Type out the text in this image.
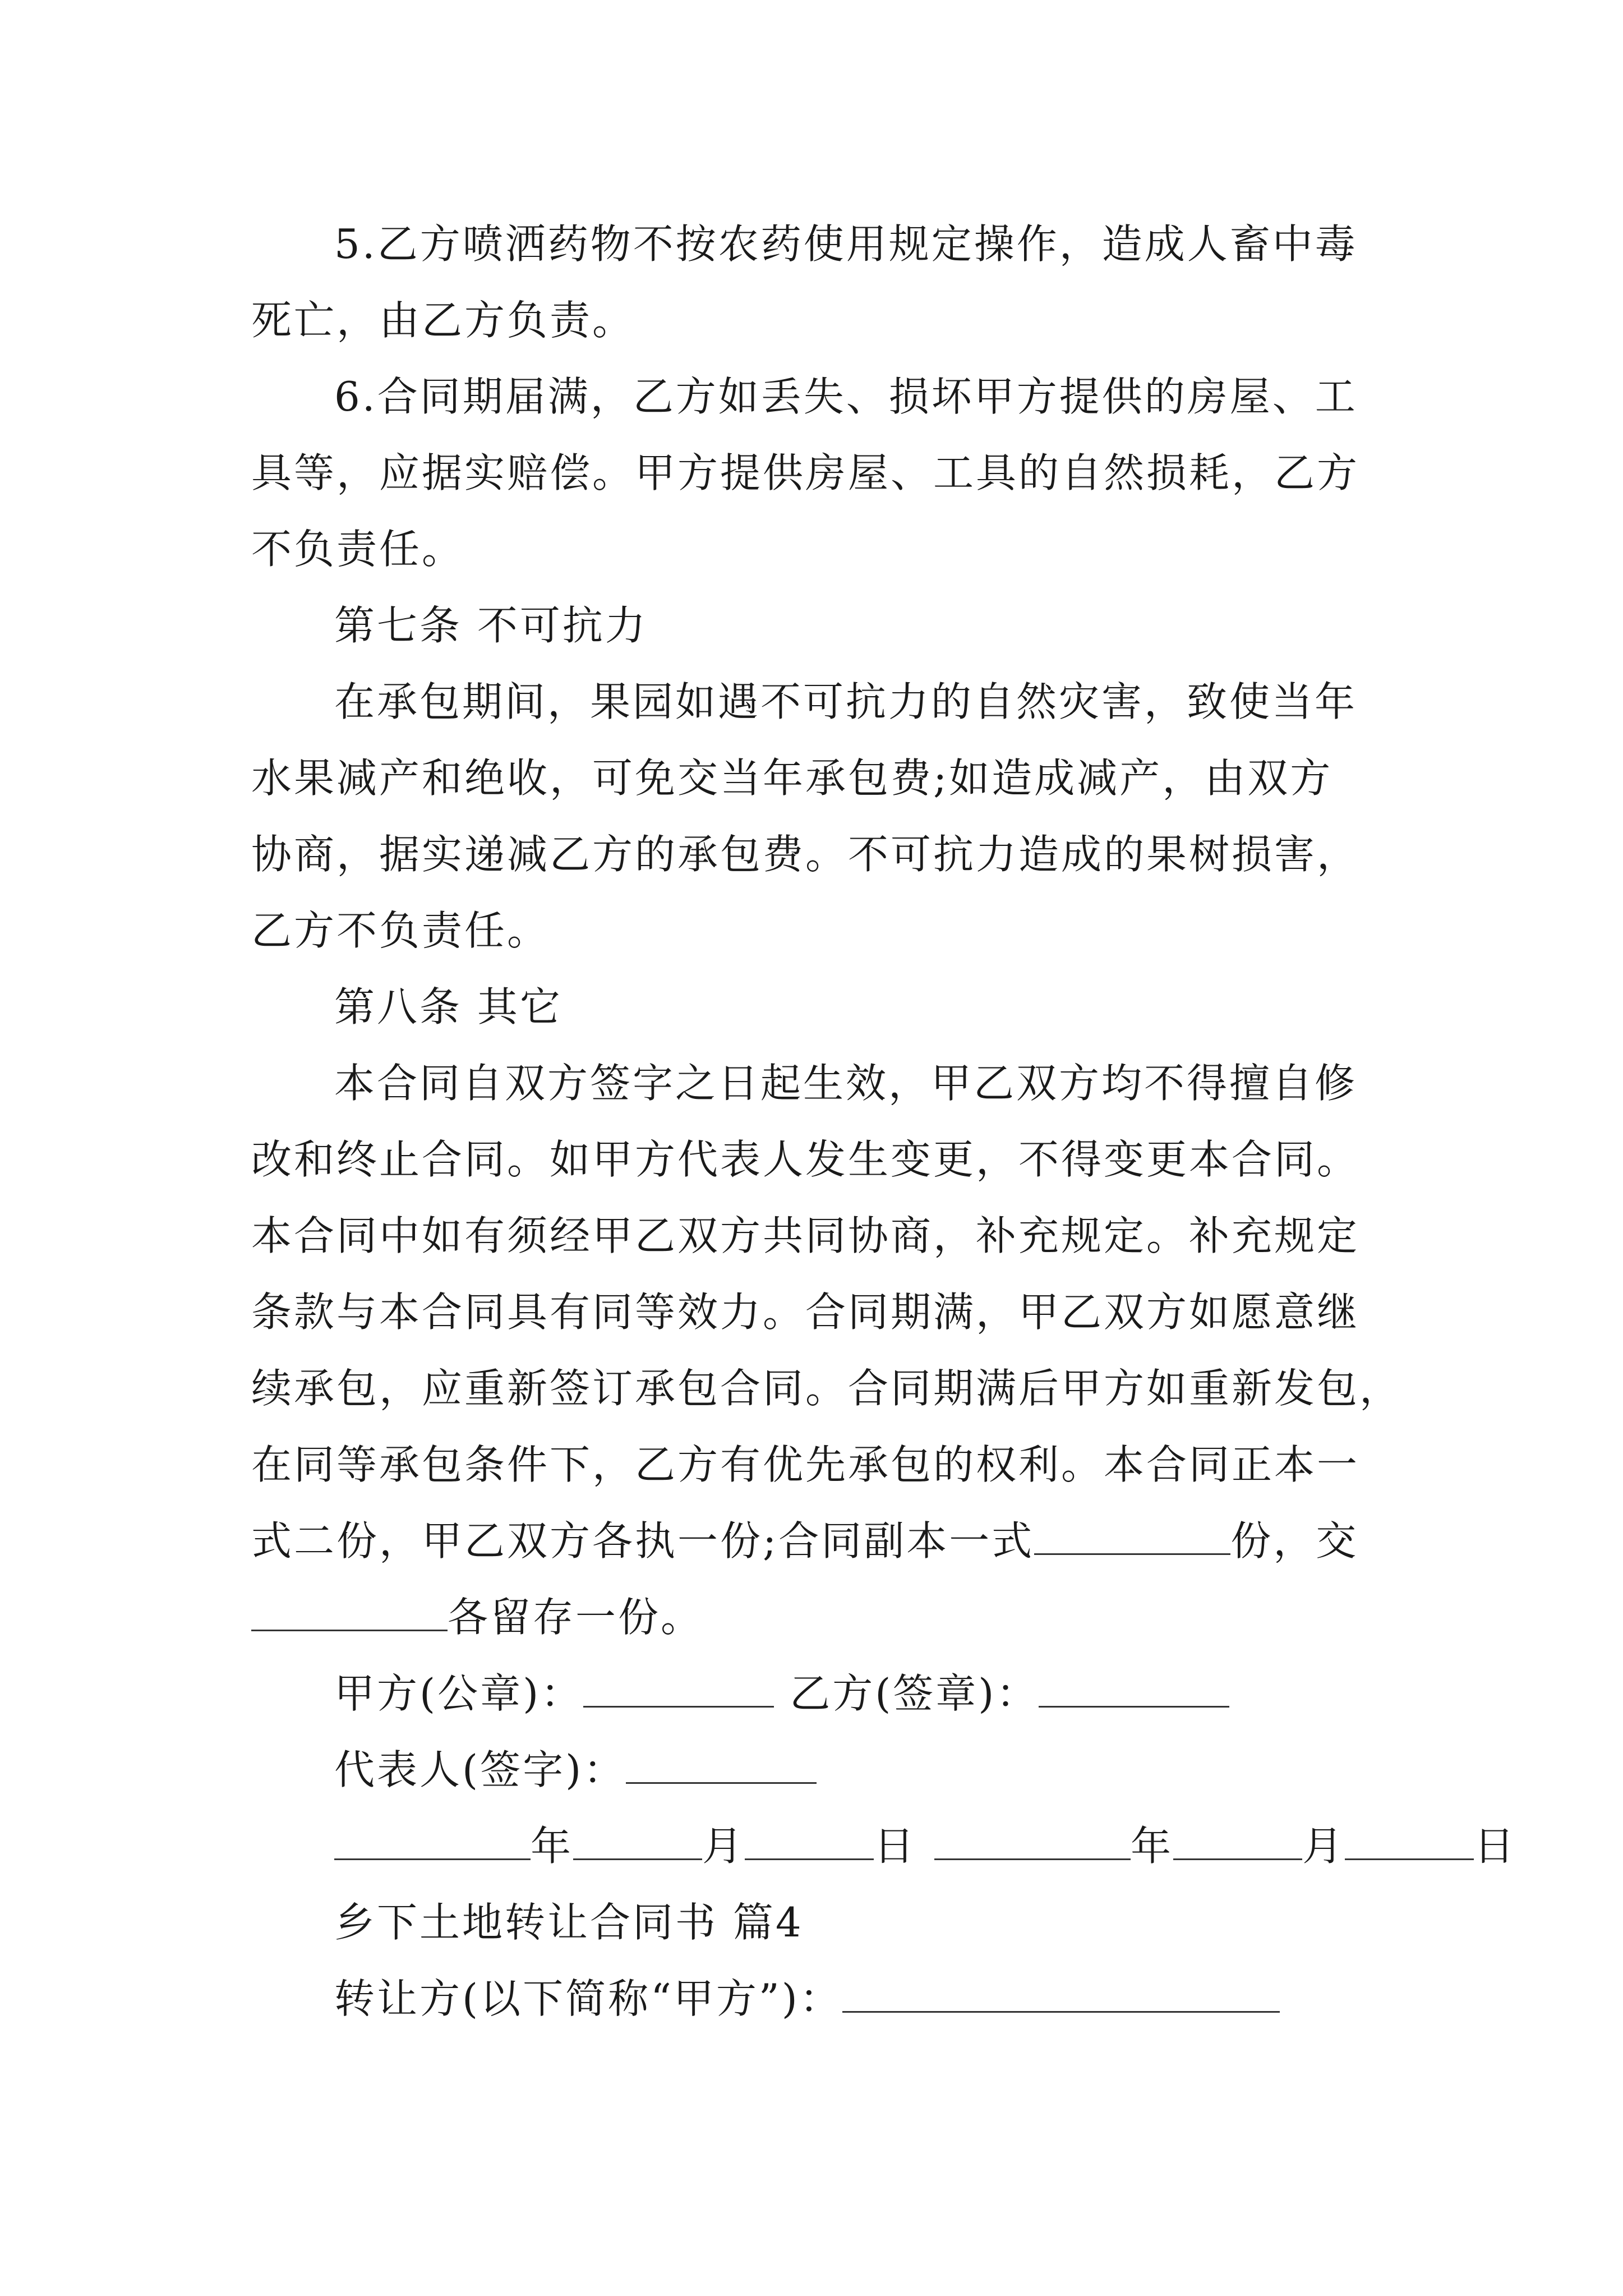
5.乙方喷洒药物不按农药使用规定操作，造成人畜中毒
死亡，由乙方负责。
6.合同期届满，乙方如丢失、损坏甲方提供的房屋、工
具等，应据实赔偿。甲方提供房屋、工具的自然损耗，乙方
不负责任。
第七条 不可抗力
在承包期间，果园如遇不可抗力的自然灾害，致使当年
水果减产和绝收，可免交当年承包费;如造成减产，由双方
协商，据实递减乙方的承包费。不可抗力造成的果树损害，
乙方不负责任。
第八条 其它
本合同自双方签字之日起生效，甲乙双方均不得擅自修
改和终止合同。如甲方代表人发生变更，不得变更本合同。
本合同中如有须经甲乙双方共同协商，补充规定。补充规定
条款与本合同具有同等效力。合同期满，甲乙双方如愿意继
续承包，应重新签订承包合同。合同期满后甲方如重新发包，
在同等承包条件下，乙方有优先承包的权利。本合同正本一
式二份，甲乙双方各执一份;合同副本一式	份，交
各留存一份。
甲方(公章)：	乙方(签章)：
代表人(签字)：
年	月	日	年	月	日
乡下土地转让合同书 篇4
转让方(以下简称“甲方”)：
